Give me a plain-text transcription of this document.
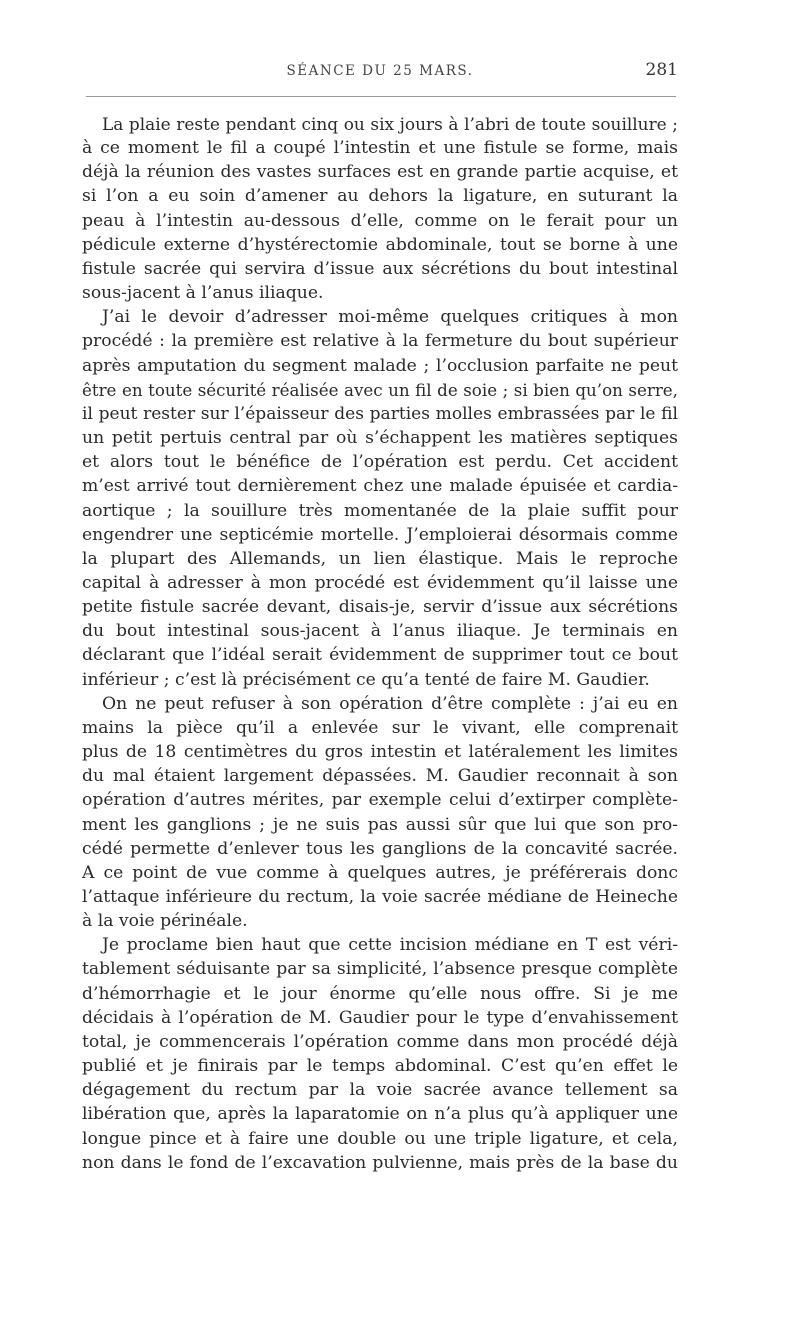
SÉANCE DU 25 MARS.	281

La plaie reste pendant cinq ou six jours à l’abri de toute souillure ;
à ce moment le fil a coupé l’intestin et une fistule se forme, mais
déjà la réunion des vastes surfaces est en grande partie acquise, et
si l’on a eu soin d’amener au dehors la ligature, en suturant la
peau à l’intestin au-dessous d’elle, comme on le ferait pour un
pédicule externe d’hystérectomie abdominale, tout se borne à une
fistule sacrée qui servira d’issue aux sécrétions du bout intestinal
sous-jacent à l’anus iliaque.

J’ai le devoir d’adresser moi-même quelques critiques à mon
procédé : la première est relative à la fermeture du bout supérieur
après amputation du segment malade ; l’occlusion parfaite ne peut
être en toute sécurité réalisée avec un fil de soie ; si bien qu’on serre,
il peut rester sur l’épaisseur des parties molles embrassées par le fil
un petit pertuis central par où s’échappent les matières septiques
et alors tout le bénéfice de l’opération est perdu. Cet accident
m’est arrivé tout dernièrement chez une malade épuisée et cardia-
aortique ; la souillure très momentanée de la plaie suffit pour
engendrer une septicémie mortelle. J’emploierai désormais comme
la plupart des Allemands, un lien élastique. Mais le reproche
capital à adresser à mon procédé est évidemment qu’il laisse une
petite fistule sacrée devant, disais-je, servir d’issue aux sécrétions
du bout intestinal sous-jacent à l’anus iliaque. Je terminais en
déclarant que l’idéal serait évidemment de supprimer tout ce bout
inférieur ; c’est là précisément ce qu’a tenté de faire M. Gaudier.

On ne peut refuser à son opération d’être complète : j’ai eu en
mains la pièce qu’il a enlevée sur le vivant, elle comprenait
plus de 18 centimètres du gros intestin et latéralement les limites
du mal étaient largement dépassées. M. Gaudier reconnait à son
opération d’autres mérites, par exemple celui d’extirper complète-
ment les ganglions ; je ne suis pas aussi sûr que lui que son pro-
cédé permette d’enlever tous les ganglions de la concavité sacrée.
A ce point de vue comme à quelques autres, je préférerais donc
l’attaque inférieure du rectum, la voie sacrée médiane de Heineche
à la voie périnéale.

Je proclame bien haut que cette incision médiane en T est véri-
tablement séduisante par sa simplicité, l’absence presque complète
d’hémorrhagie et le jour énorme qu’elle nous offre. Si je me
décidais à l’opération de M. Gaudier pour le type d’envahissement
total, je commencerais l’opération comme dans mon procédé déjà
publié et je finirais par le temps abdominal. C’est qu’en effet le
dégagement du rectum par la voie sacrée avance tellement sa
libération que, après la laparatomie on n’a plus qu’à appliquer une
longue pince et à faire une double ou une triple ligature, et cela,
non dans le fond de l’excavation pulvienne, mais près de la base du
